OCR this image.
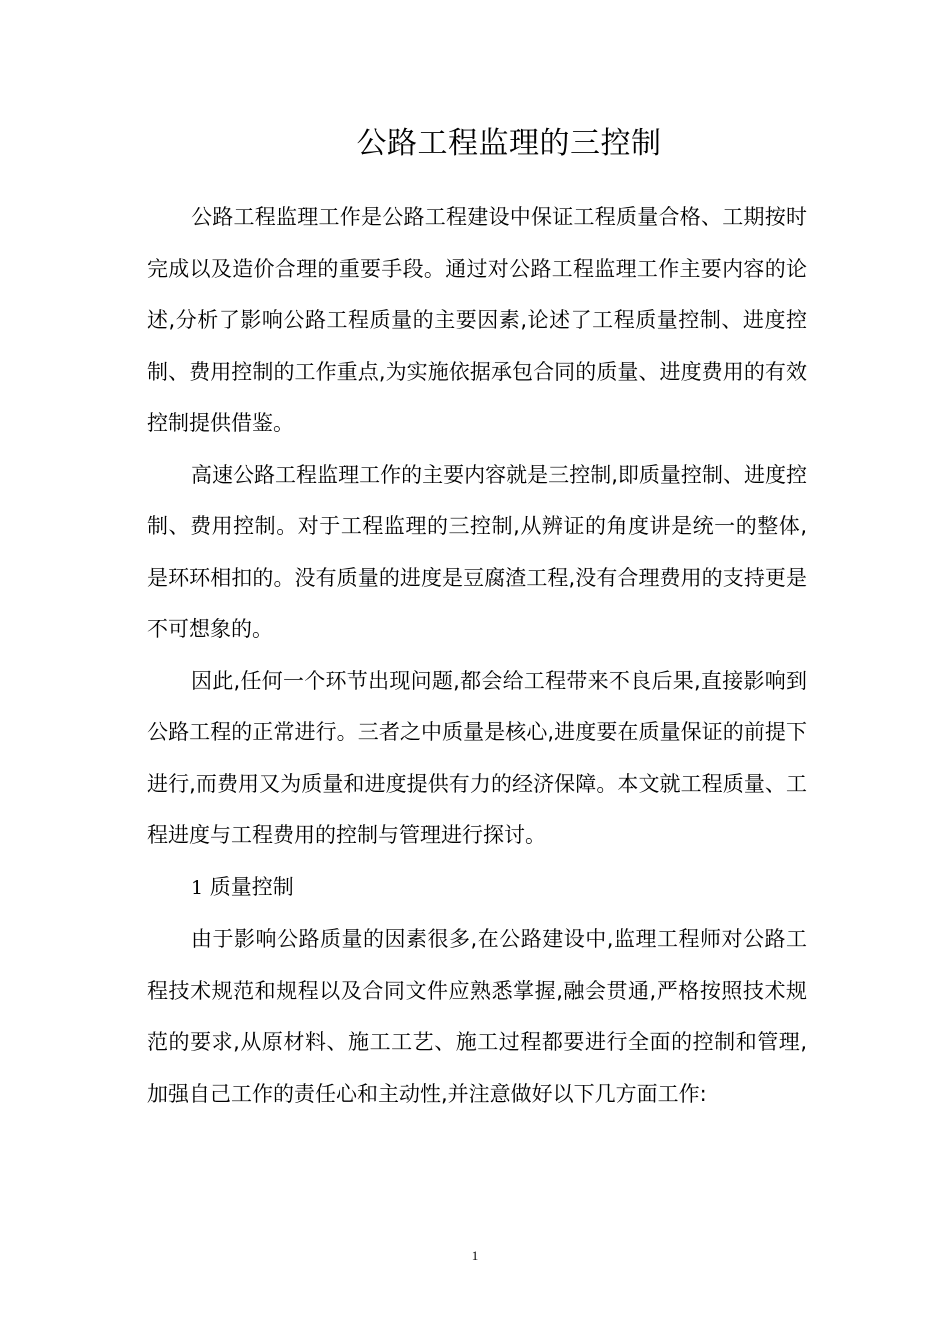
公路工程监理的三控制

公路工程监理工作是公路工程建设中保证工程质量合格、工期按时完成以及造价合理的重要手段。通过对公路工程监理工作主要内容的论述,分析了影响公路工程质量的主要因素,论述了工程质量控制、进度控制、费用控制的工作重点,为实施依据承包合同的质量、进度费用的有效控制提供借鉴。

高速公路工程监理工作的主要内容就是三控制,即质量控制、进度控制、费用控制。对于工程监理的三控制,从辨证的角度讲是统一的整体,是环环相扣的。没有质量的进度是豆腐渣工程,没有合理费用的支持更是不可想象的。

因此,任何一个环节出现问题,都会给工程带来不良后果,直接影响到公路工程的正常进行。三者之中质量是核心,进度要在质量保证的前提下进行,而费用又为质量和进度提供有力的经济保障。本文就工程质量、工程进度与工程费用的控制与管理进行探讨。

1 质量控制

由于影响公路质量的因素很多,在公路建设中,监理工程师对公路工程技术规范和规程以及合同文件应熟悉掌握,融会贯通,严格按照技术规范的要求,从原材料、施工工艺、施工过程都要进行全面的控制和管理,加强自己工作的责任心和主动性,并注意做好以下几方面工作:

1
